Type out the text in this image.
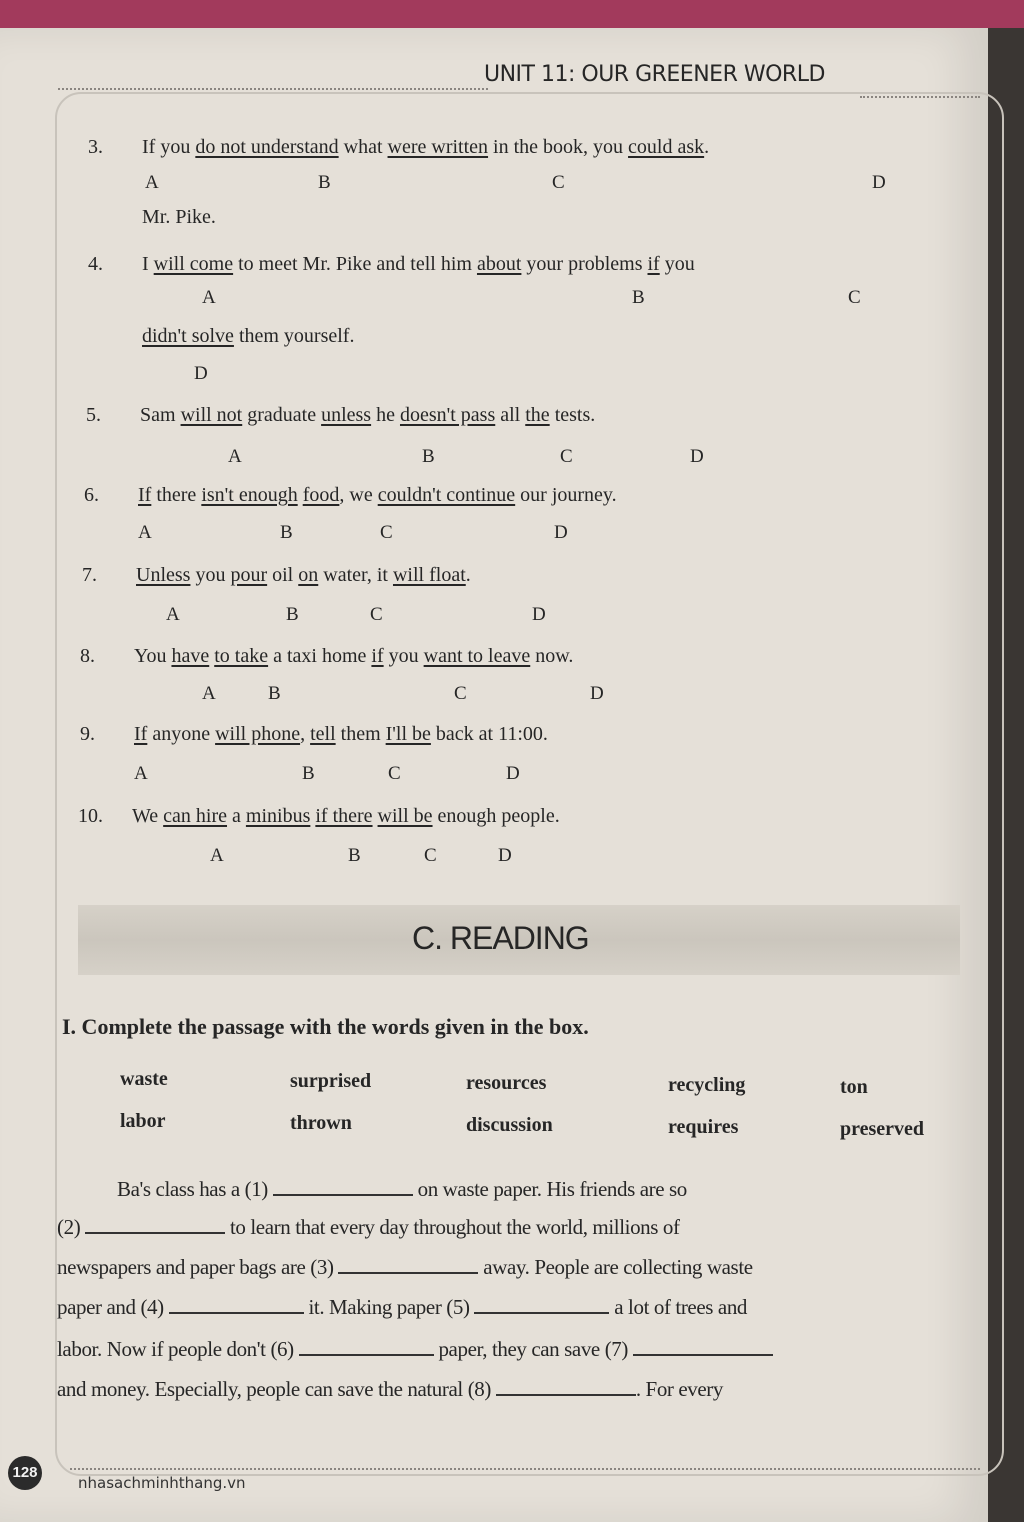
UNIT 11: OUR GREENER WORLD
3. If you do not understand what were written in the book, you could ask.
Mr. Pike.
A	B	C	D
4. I will come to meet Mr. Pike and tell him about your problems if you
didn't solve them yourself.
A	B	C
D
5. Sam will not graduate unless he doesn't pass all the tests.
A	B	C	D
6. If there isn't enough food, we couldn't continue our journey.
A	B	C	D
7. Unless you pour oil on water, it will float.
A	B	C	D
8. You have to take a taxi home if you want to leave now.
A	B	C	D
9. If anyone will phone, tell them I'll be back at 11:00.
A	B	C	D
10. We can hire a minibus if there will be enough people.
A	B	C	D
C. READING
I. Complete the passage with the words given in the box.
waste	surprised	resources	recycling	ton
labor	thrown	discussion	requires	preserved
Ba's class has a (1)	on waste paper. His friends are so
(2)	to learn that every day throughout the world, millions of
newspapers and paper bags are (3)	away. People are collecting waste
paper and (4)	it. Making paper (5)	a lot of trees and
labor. Now if people don't (6)	paper, they can save (7)
and money. Especially, people can save the natural (8)	. For every
128
nhasachminhthang.vn
